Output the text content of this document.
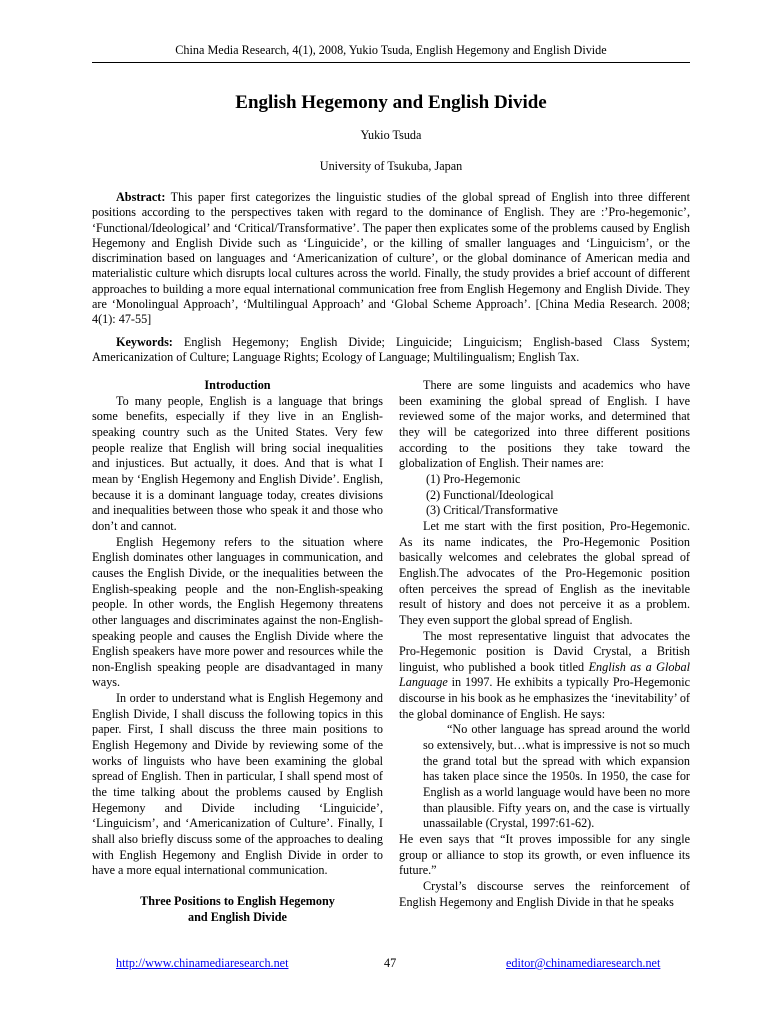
China Media Research, 4(1), 2008, Yukio Tsuda, English Hegemony and English Divide
English Hegemony and English Divide
Yukio Tsuda
University of Tsukuba, Japan

Abstract: This paper first categorizes the linguistic studies of the global spread of English into three different positions according to the perspectives taken with regard to the dominance of English. They are :’Pro-hegemonic’, ‘Functional/Ideological’ and ‘Critical/Transformative’. The paper then explicates some of the problems caused by English Hegemony and English Divide such as ‘Linguicide’, or the killing of smaller languages and ‘Linguicism’, or the discrimination based on languages and ‘Americanization of culture’, or the global dominance of American media and materialistic culture which disrupts local cultures across the world. Finally, the study provides a brief account of different approaches to building a more equal international communication free from English Hegemony and English Divide. They are ‘Monolingual Approach’, ‘Multilingual Approach’ and ‘Global Scheme Approach’. [China Media Research. 2008; 4(1): 47-55]

Keywords: English Hegemony; English Divide; Linguicide; Linguicism; English-based Class System; Americanization of Culture; Language Rights; Ecology of Language; Multilingualism; English Tax.

Introduction

To many people, English is a language that brings some benefits, especially if they live in an English-speaking country such as the United States. Very few people realize that English will bring social inequalities and injustices. But actually, it does. And that is what I mean by ‘English Hegemony and English Divide’. English, because it is a dominant language today, creates divisions and inequalities between those who speak it and those who don’t and cannot.

English Hegemony refers to the situation where English dominates other languages in communication, and causes the English Divide, or the inequalities between the English-speaking people and the non-English-speaking people. In other words, the English Hegemony threatens other languages and discriminates against the non-English-speaking people and causes the English Divide where the English speakers have more power and resources while the non-English speaking people are disadvantaged in many ways.

In order to understand what is English Hegemony and English Divide, I shall discuss the following topics in this paper. First, I shall discuss the three main positions to English Hegemony and Divide by reviewing some of the works of linguists who have been examining the global spread of English. Then in particular, I shall spend most of the time talking about the problems caused by English Hegemony and Divide including ‘Linguicide’, ‘Linguicism’, and ‘Americanization of Culture’. Finally, I shall also briefly discuss some of the approaches to dealing with English Hegemony and English Divide in order to have a more equal international communication.

Three Positions to English Hegemony
and English Divide

There are some linguists and academics who have been examining the global spread of English. I have reviewed some of the major works, and determined that they will be categorized into three different positions according to the positions they take toward the globalization of English. Their names are:

(1) Pro-Hegemonic
(2) Functional/Ideological
(3) Critical/Transformative

Let me start with the first position, Pro-Hegemonic. As its name indicates, the Pro-Hegemonic Position basically welcomes and celebrates the global spread of English.The advocates of the Pro-Hegemonic position often perceives the spread of English as the inevitable result of history and does not perceive it as a problem. They even support the global spread of English.

The most representative linguist that advocates the Pro-Hegemonic position is David Crystal, a British linguist, who published a book titled English as a Global Language in 1997. He exhibits a typically Pro-Hegemonic discourse in his book as he emphasizes the ‘inevitability’ of the global dominance of English. He says:

“No other language has spread around the world so extensively, but…what is impressive is not so much the grand total but the spread with which expansion has taken place since the 1950s. In 1950, the case for English as a world language would have been no more than plausible. Fifty years on, and the case is virtually unassailable (Crystal, 1997:61-62).

He even says that “It proves impossible for any single group or alliance to stop its growth, or even influence its future.”

Crystal’s discourse serves the reinforcement of English Hegemony and English Divide in that he speaks

http://www.chinamediaresearch.net	47	editor@chinamediaresearch.net
